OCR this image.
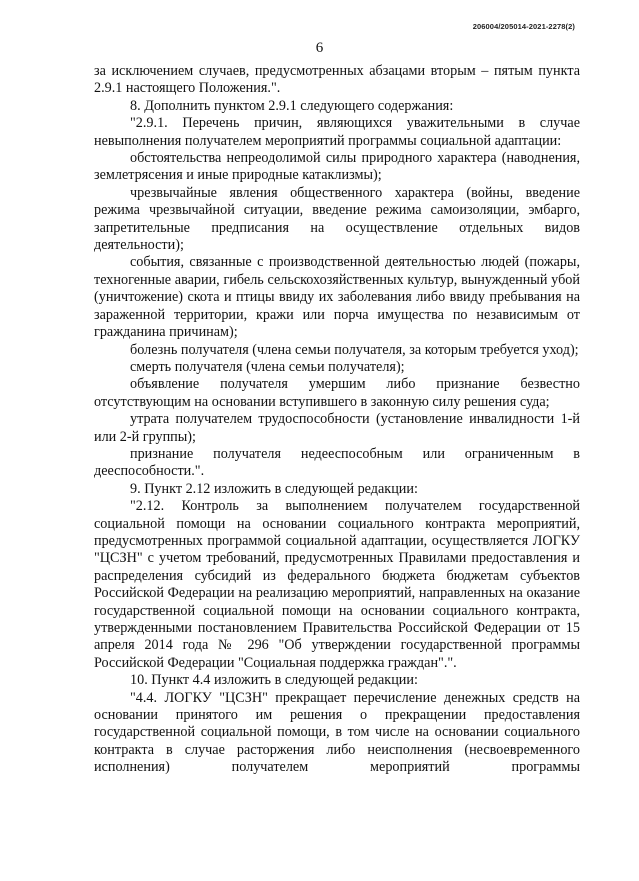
206004/205014-2021-2278(2)
6

за исключением случаев, предусмотренных абзацами вторым – пятым пункта 2.9.1 настоящего Положения.".

8. Дополнить пунктом 2.9.1 следующего содержания:

"2.9.1. Перечень причин, являющихся уважительными в случае невыполнения получателем мероприятий программы социальной адаптации:

обстоятельства непреодолимой силы природного характера (наводнения, землетрясения и иные природные катаклизмы);

чрезвычайные явления общественного характера (войны, введение режима чрезвычайной ситуации, введение режима самоизоляции, эмбарго, запретительные предписания на осуществление отдельных видов деятельности);

события, связанные с производственной деятельностью людей (пожары, техногенные аварии, гибель сельскохозяйственных культур, вынужденный убой (уничтожение) скота и птицы ввиду их заболевания либо ввиду пребывания на зараженной территории, кражи или порча имущества по независимым от гражданина причинам);

болезнь получателя (члена семьи получателя, за которым требуется уход);

смерть получателя (члена семьи получателя);

объявление получателя умершим либо признание безвестно отсутствующим на основании вступившего в законную силу решения суда;

утрата получателем трудоспособности (установление инвалидности 1-й или 2-й группы);

признание получателя недееспособным или ограниченным в дееспособности.".

9. Пункт 2.12 изложить в следующей редакции:

"2.12. Контроль за выполнением получателем государственной социальной помощи на основании социального контракта мероприятий, предусмотренных программой социальной адаптации, осуществляется ЛОГКУ "ЦСЗН" с учетом требований, предусмотренных Правилами предоставления и распределения субсидий из федерального бюджета бюджетам субъектов Российской Федерации на реализацию мероприятий, направленных на оказание государственной социальной помощи на основании социального контракта, утвержденными постановлением Правительства Российской Федерации от 15 апреля 2014 года № 296 "Об утверждении государственной программы Российской Федерации "Социальная поддержка граждан".".

10. Пункт 4.4 изложить в следующей редакции:

"4.4. ЛОГКУ "ЦСЗН" прекращает перечисление денежных средств на основании принятого им решения о прекращении предоставления государственной социальной помощи, в том числе на основании социального контракта в случае расторжения либо неисполнения (несвоевременного исполнения) получателем мероприятий программы
